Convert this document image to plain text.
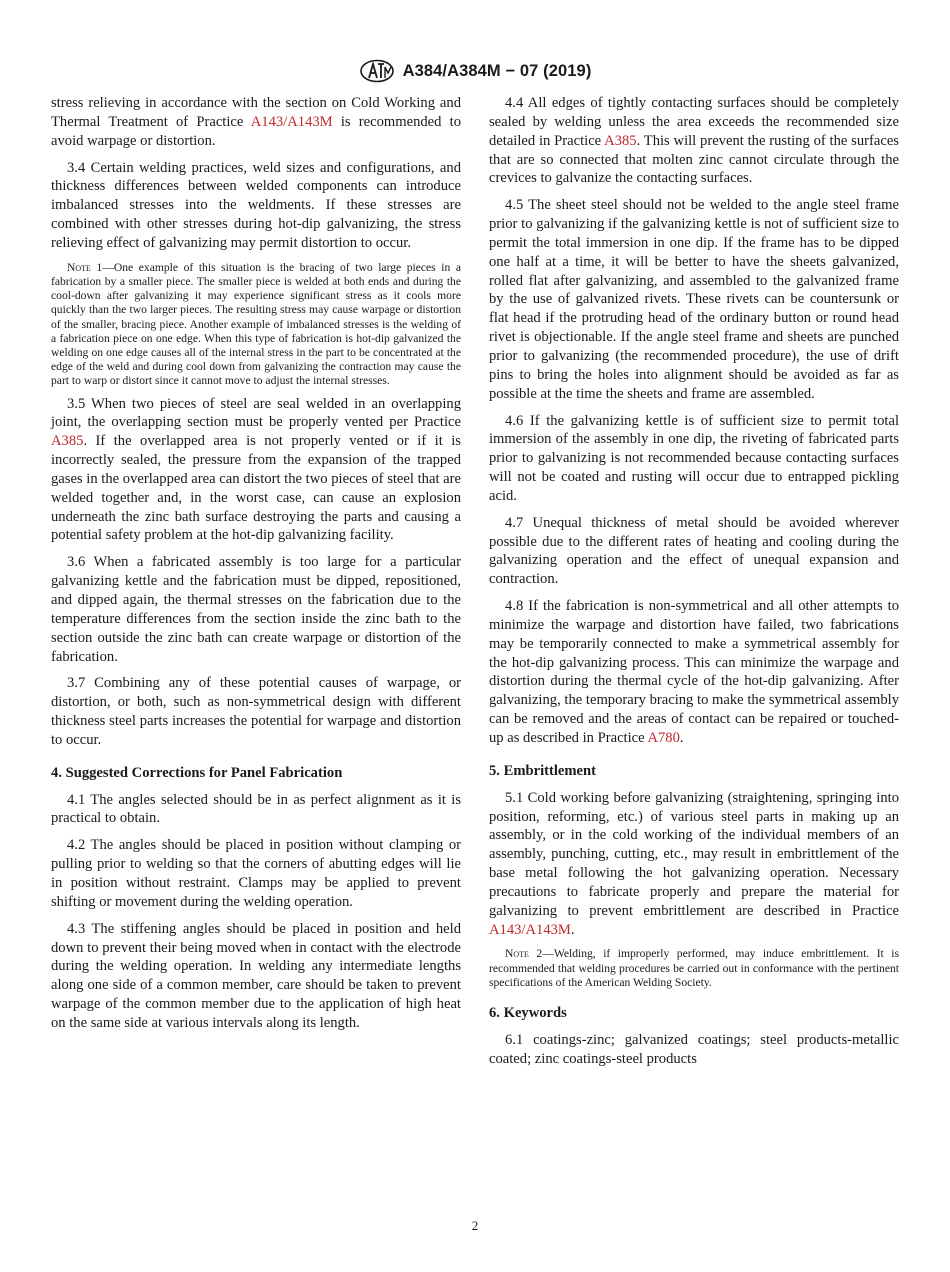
A384/A384M − 07 (2019)

stress relieving in accordance with the section on Cold Working and Thermal Treatment of Practice A143/A143M is recommended to avoid warpage or distortion.

3.4 Certain welding practices, weld sizes and configurations, and thickness differences between welded components can introduce imbalanced stresses into the weldments. If these stresses are combined with other stresses during hot-dip galvanizing, the stress relieving effect of galvanizing may permit distortion to occur.

Note 1—One example of this situation is the bracing of two large pieces in a fabrication by a smaller piece. The smaller piece is welded at both ends and during the cool-down after galvanizing it may experience significant stress as it cools more quickly than the two larger pieces. The resulting stress may cause warpage or distortion of the smaller, bracing piece. Another example of imbalanced stresses is the welding of a fabrication piece on one edge. When this type of fabrication is hot-dip galvanized the welding on one edge causes all of the internal stress in the part to be concentrated at the edge of the weld and during cool down from galvanizing the contraction may cause the part to warp or distort since it cannot move to adjust the internal stresses.

3.5 When two pieces of steel are seal welded in an overlapping joint, the overlapping section must be properly vented per Practice A385. If the overlapped area is not properly vented or if it is incorrectly sealed, the pressure from the expansion of the trapped gases in the overlapped area can distort the two pieces of steel that are welded together and, in the worst case, can cause an explosion underneath the zinc bath surface destroying the parts and causing a potential safety problem at the hot-dip galvanizing facility.

3.6 When a fabricated assembly is too large for a particular galvanizing kettle and the fabrication must be dipped, repositioned, and dipped again, the thermal stresses on the fabrication due to the temperature differences from the section inside the zinc bath to the section outside the zinc bath can create warpage or distortion of the fabrication.

3.7 Combining any of these potential causes of warpage, or distortion, or both, such as non-symmetrical design with different thickness steel parts increases the potential for warpage and distortion to occur.

4. Suggested Corrections for Panel Fabrication

4.1 The angles selected should be in as perfect alignment as it is practical to obtain.

4.2 The angles should be placed in position without clamping or pulling prior to welding so that the corners of abutting edges will lie in position without restraint. Clamps may be applied to prevent shifting or movement during the welding operation.

4.3 The stiffening angles should be placed in position and held down to prevent their being moved when in contact with the electrode during the welding operation. In welding any intermediate lengths along one side of a common member, care should be taken to prevent warpage of the common member due to the application of high heat on the same side at various intervals along its length.

4.4 All edges of tightly contacting surfaces should be completely sealed by welding unless the area exceeds the recommended size detailed in Practice A385. This will prevent the rusting of the surfaces that are so connected that molten zinc cannot circulate through the crevices to galvanize the contacting surfaces.

4.5 The sheet steel should not be welded to the angle steel frame prior to galvanizing if the galvanizing kettle is not of sufficient size to permit the total immersion in one dip. If the frame has to be dipped one half at a time, it will be better to have the sheets galvanized, rolled flat after galvanizing, and assembled to the galvanized frame by the use of galvanized rivets. These rivets can be countersunk or flat head if the protruding head of the ordinary button or round head rivet is objectionable. If the angle steel frame and sheets are punched prior to galvanizing (the recommended procedure), the use of drift pins to bring the holes into alignment should be avoided as far as possible at the time the sheets and frame are assembled.

4.6 If the galvanizing kettle is of sufficient size to permit total immersion of the assembly in one dip, the riveting of fabricated parts prior to galvanizing is not recommended because contacting surfaces will not be coated and rusting will occur due to entrapped pickling acid.

4.7 Unequal thickness of metal should be avoided wherever possible due to the different rates of heating and cooling during the galvanizing operation and the effect of unequal expansion and contraction.

4.8 If the fabrication is non-symmetrical and all other attempts to minimize the warpage and distortion have failed, two fabrications may be temporarily connected to make a symmetrical assembly for the hot-dip galvanizing process. This can minimize the warpage and distortion during the thermal cycle of the hot-dip galvanizing. After galvanizing, the temporary bracing to make the symmetrical assembly can be removed and the areas of contact can be repaired or touched-up as described in Practice A780.

5. Embrittlement

5.1 Cold working before galvanizing (straightening, springing into position, reforming, etc.) of various steel parts in making up an assembly, or in the cold working of the individual members of an assembly, punching, cutting, etc., may result in embrittlement of the base metal following the hot galvanizing operation. Necessary precautions to fabricate properly and prepare the material for galvanizing to prevent embrittlement are described in Practice A143/A143M.

Note 2—Welding, if improperly performed, may induce embrittlement. It is recommended that welding procedures be carried out in conformance with the pertinent specifications of the American Welding Society.

6. Keywords

6.1 coatings-zinc; galvanized coatings; steel products-metallic coated; zinc coatings-steel products

2
